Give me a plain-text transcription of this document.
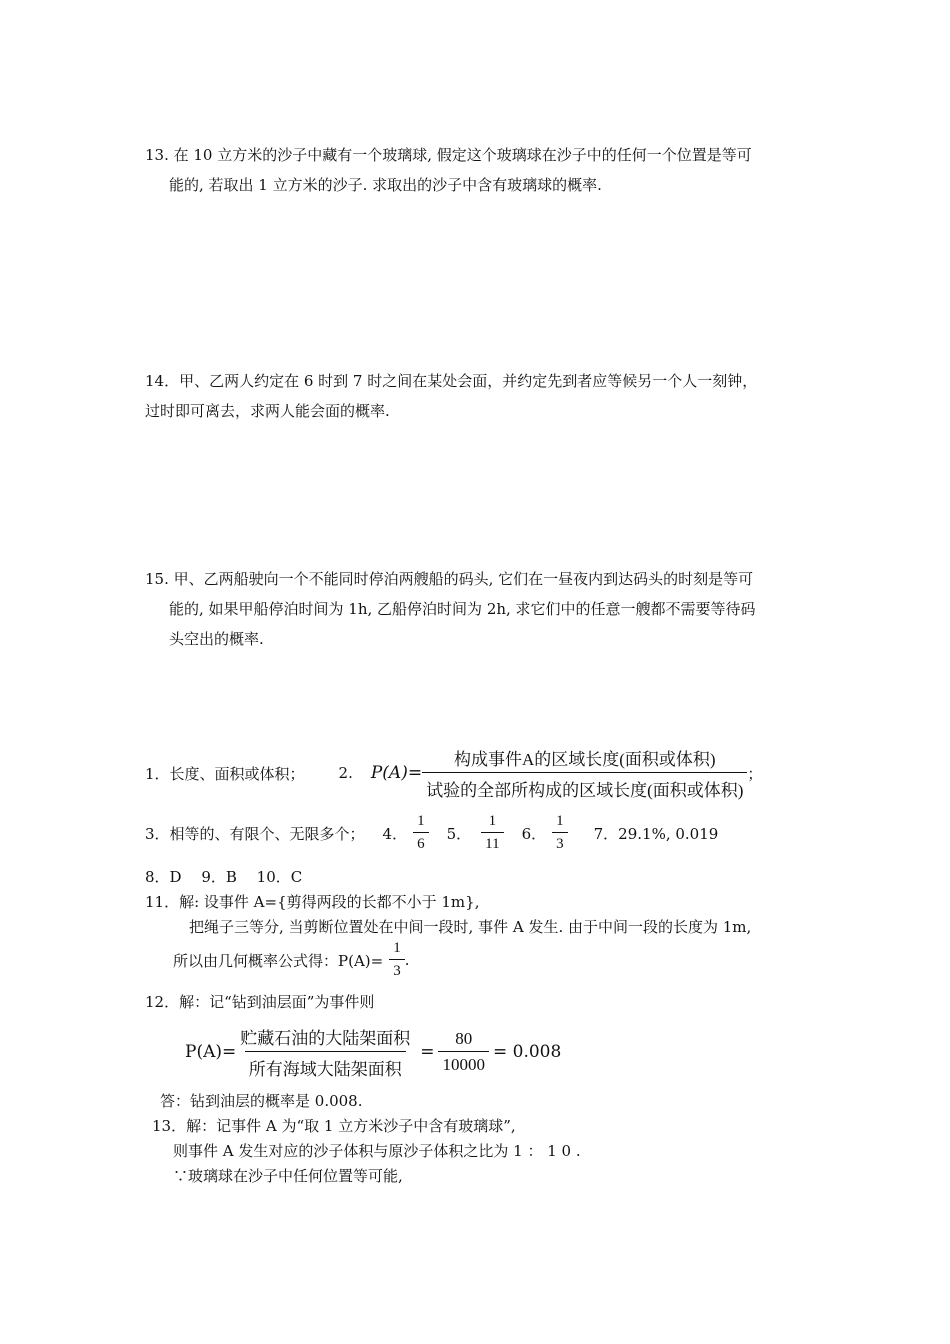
13. 在 10 立方米的沙子中藏有一个玻璃球, 假定这个玻璃球在沙子中的任何一个位置是等可
能的, 若取出 1 立方米的沙子. 求取出的沙子中含有玻璃球的概率.
14．甲、乙两人约定在 6 时到 7 时之间在某处会面，并约定先到者应等候另一个人一刻钟，
过时即可离去，求两人能会面的概率.
15. 甲、乙两船驶向一个不能同时停泊两艘船的码头, 它们在一昼夜内到达码头的时刻是等可
能的, 如果甲船停泊时间为 1h, 乙船停泊时间为 2h, 求它们中的任意一艘都不需要等待码
头空出的概率.
1．长度、面积或体积； 2. $P(A)= \frac{\text{构成事件A的区域长度(面积或体积)}}{\text{试验的全部所构成的区域长度(面积或体积)}}$ ；
3．相等的、有限个、无限多个； 4． $\frac{1}{6} 5$． $\frac{1}{11} 6$． $\frac{1}{3} 7$．29.1%, 0.019
8．D　 9．B　 10．C
11．解: 设事件 A={剪得两段的长都不小于 1m},
把绳子三等分, 当剪断位置处在中间一段时, 事件 A 发生. 由于中间一段的长度为 1m,
所以由几何概率公式得：$P(A)= \frac{1}{3}$ .
12．解：记“钻到油层面”为事件则
$P(A)= \frac{\text{贮藏石油的大陆架面积}}{\text{所有海域大陆架面积}} = \frac{80}{10000} = 0.008$
答：钻到油层的概率是 0.008.
13．解：记事件 A 为“取 1 立方米沙子中含有玻璃球”,
则事件 A 发生对应的沙子体积与原沙子体积之比为 1 ： 1 0 .
∵玻璃球在沙子中任何位置等可能,
